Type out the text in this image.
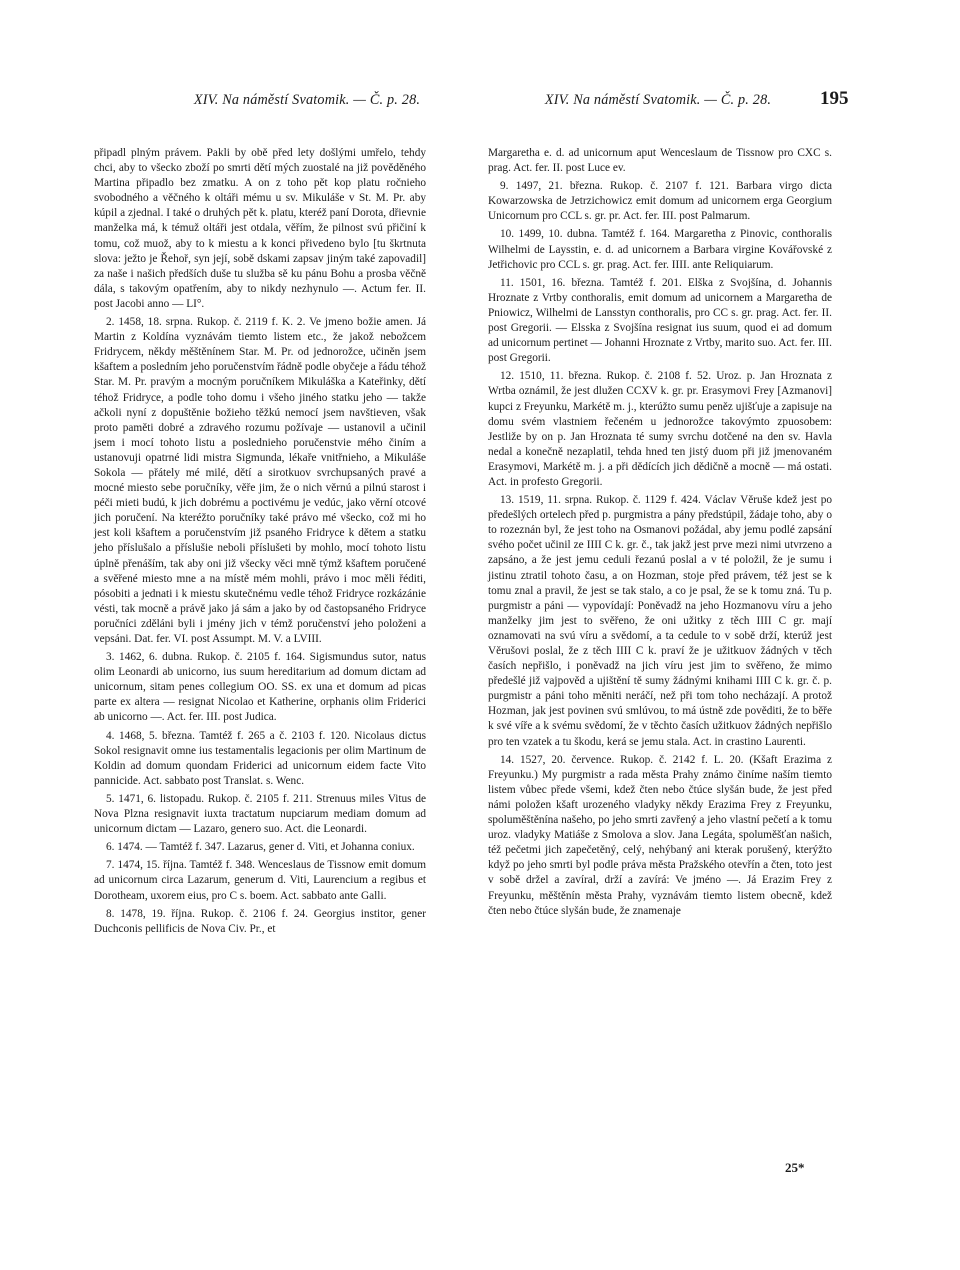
XIV. Na náměstí Svatomik. — Č. p. 28.	XIV. Na náměstí Svatomik. — Č. p. 28.	195

připadl plným právem. Pakli by obě před lety došlými umřelo, tehdy chci, aby to všecko zboží po smrti dětí mých zuostalé na již pověděného Martina připadlo bez zmatku. A on z toho pět kop platu ročnieho svobodného a věčného k oltáři mému u sv. Mikuláše v St. M. Pr. aby kúpil a zjednal. I také o druhých pět k. platu, kteréž paní Dorota, dřievnie manželka má, k témuž oltáři jest otdala, věřím, že pilnost svú přičiní k tomu, což muož, aby to k miestu a k konci přivedeno bylo [tu škrtnuta slova: ježto je Řehoř, syn její, sobě dskami zapsav jiným také zapovadil] za naše i našich předších duše tu služba sě ku pánu Bohu a prosba věčně dála, s takovým opatřením, aby to nikdy nezhynulo —. Actum fer. II. post Jacobi anno — LI°.

2. 1458, 18. srpna. Rukop. č. 2119 f. K. 2. Ve jmeno božie amen. Já Martin z Koldína vyznávám tiemto listem etc., že jakož nebožcem Fridrycem, někdy měštěnínem Star. M. Pr. od jednorožce, učiněn jsem kšaftem a posledním jeho poručenstvím řádně podle obyčeje a řádu téhož Star. M. Pr. pravým a mocným poručníkem Mikuláška a Kateřinky, dětí téhož Fridryce, a podle toho domu i všeho jiného statku jeho — takže ačkoli nyní z dopuštěnie božieho těžkú nemocí jsem navštieven, však proto paměti dobré a zdravého rozumu požívaje — ustanovil a učinil jsem i mocí tohoto listu a poslednieho poručenstvie mého činím a ustanovuji opatrné lidi mistra Sigmunda, lékaře vnitřnieho, a Mikuláše Sokola — přátely mé milé, dětí a sirotkuov svrchupsaných pravé a mocné miesto sebe poručníky, věře jim, že o nich věrnú a pilnú starost i péči mieti budú, k jich dobrému a poctivému je vedúc, jako věrní otcové jich poručení. Na kteréžto poručníky také právo mé všecko, což mi ho jest koli kšaftem a poručenstvím již psaného Fridryce k dětem a statku jeho příslušalo a příslušie neboli příslušeti by mohlo, mocí tohoto listu úplně přenáším, tak aby oni již všecky věci mně týmž kšaftem poručené a svěřené miesto mne a na místě mém mohli, právo i moc měli řéditi, pósobiti a jednati i k miestu skutečnému vedle téhož Fridryce rozkázánie vésti, tak mocně a právě jako já sám a jako by od častopsaného Fridryce poručníci zděláni byli i jmény jich v témž poručenství jeho položeni a vepsáni. Dat. fer. VI. post Assumpt. M. V. a LVIII.

3. 1462, 6. dubna. Rukop. č. 2105 f. 164. Sigismundus sutor, natus olim Leonardi ab unicorno, ius suum hereditarium ad domum dictam ad unicornum, sitam penes collegium OO. SS. ex una et domum ad picas parte ex altera — resignat Nicolao et Katherine, orphanis olim Friderici ab unicorno —. Act. fer. III. post Judica.

4. 1468, 5. března. Tamtéž f. 265 a č. 2103 f. 120. Nicolaus dictus Sokol resignavit omne ius testamentalis legacionis per olim Martinum de Koldin ad domum quondam Friderici ad unicornum eidem facte Vito pannicide. Act. sabbato post Translat. s. Wenc.

5. 1471, 6. listopadu. Rukop. č. 2105 f. 211. Strenuus miles Vitus de Nova Plzna resignavit iuxta tractatum nupciarum mediam domum ad unicornum dictam — Lazaro, genero suo. Act. die Leonardi.

6. 1474. — Tamtéž f. 347. Lazarus, gener d. Viti, et Johanna coniux.

7. 1474, 15. října. Tamtéž f. 348. Wenceslaus de Tissnow emit domum ad unicornum circa Lazarum, generum d. Viti, Laurencium a regibus et Dorotheam, uxorem eius, pro C s. boem. Act. sabbato ante Galli.

8. 1478, 19. října. Rukop. č. 2106 f. 24. Georgius institor, gener Duchconis pellificis de Nova Civ. Pr., et

Margaretha e. d. ad unicornum aput Wenceslaum de Tissnow pro CXC s. prag. Act. fer. II. post Luce ev.

9. 1497, 21. března. Rukop. č. 2107 f. 121. Barbara virgo dicta Kowarzowska de Jetrzichowicz emit domum ad unicornem erga Georgium Unicornum pro CCL s. gr. pr. Act. fer. III. post Palmarum.

10. 1499, 10. dubna. Tamtéž f. 164. Margaretha z Pinovic, conthoralis Wilhelmi de Laysstin, e. d. ad unicornem a Barbara virgine Kovářovské z Jetřichovic pro CCL s. gr. prag. Act. fer. IIII. ante Reliquiarum.

11. 1501, 16. března. Tamtéž f. 201. Elška z Svojšína, d. Johannis Hroznate z Vrtby conthoralis, emit domum ad unicornem a Margaretha de Pniowicz, Wilhelmi de Lansstyn conthoralis, pro CC s. gr. prag. Act. fer. II. post Gregorii. — Elsska z Svojšína resignat ius suum, quod ei ad domum ad unicornum pertinet — Johanni Hroznate z Vrtby, marito suo. Act. fer. III. post Gregorii.

12. 1510, 11. března. Rukop. č. 2108 f. 52. Uroz. p. Jan Hroznata z Wrtba oznámil, že jest dlužen CCXV k. gr. pr. Erasymovi Frey [Azmanovi] kupci z Freyunku, Markétě m. j., kterúžto sumu peněz ujišťuje a zapisuje na domu svém vlastniem řečeném u jednorožce takovýmto zpuosobem: Jestliže by on p. Jan Hroznata té sumy svrchu dotčené na den sv. Havla nedal a konečně nezaplatil, tehda hned ten jistý duom při již jmenovaném Erasymovi, Markétě m. j. a při dědících jich dědičně a mocně — má ostati. Act. in profesto Gregorii.

13. 1519, 11. srpna. Rukop. č. 1129 f. 424. Václav Věruše kdež jest po předešlých ortelech před p. purgmistra a pány předstúpil, žádaje toho, aby o to rozeznán byl, že jest toho na Osmanovi požádal, aby jemu podlé zapsání svého počet učinil ze IIII C k. gr. č., tak jakž jest prve mezi nimi utvrzeno a zapsáno, a že jest jemu ceduli řezanú poslal a v té položil, že je sumu i jistinu ztratil tohoto času, a on Hozman, stoje před právem, též jest se k tomu znal a pravil, že jest se tak stalo, a co je psal, že se k tomu zná. Tu p. purgmistr a páni — vypovídají: Poněvadž na jeho Hozmanovu víru a jeho manželky jim jest to svěřeno, že oni užitky z těch IIII C gr. mají oznamovati na svú víru a svědomí, a ta cedule to v sobě drží, kterúž jest Věrušovi poslal, že z těch IIII C k. praví že je užitkuov žádných v těch časích nepřišlo, i poněvadž na jich víru jest jim to svěřeno, že mimo předešlé již vajpověd a ujištění tě sumy žádnými knihami IIII C k. gr. č. p. purgmistr a páni toho měniti neráčí, než při tom toho necházají. A protož Hozman, jak jest povinen svú smlúvou, to má ústně zde pověditi, že to běře k své víře a k svému svědomí, že v těchto časích užitkuov žádných nepřišlo pro ten vzatek a tu škodu, kerá se jemu stala. Act. in crastino Laurenti.

14. 1527, 20. července. Rukop. č. 2142 f. L. 20. (Kšaft Erazima z Freyunku.) My purgmistr a rada města Prahy známo činíme naším tiemto listem vůbec přede všemi, kdež čten nebo čtúce slyšán bude, že jest před námi položen kšaft urozeného vladyky někdy Erazima Frey z Freyunku, spoluměštěnína našeho, po jeho smrti zavřený a jeho vlastní pečetí a k tomu uroz. vladyky Matiáše z Smolova a slov. Jana Legáta, spoluměšťan našich, též pečetmi jich zapečetěný, celý, nehýbaný ani kterak porušený, kterýžto když po jeho smrti byl podle práva města Pražského otevřín a čten, toto jest v sobě držel a zavíral, drží a zavírá: Ve jméno —. Já Erazim Frey z Freyunku, měštěnín města Prahy, vyznávám tiemto listem obecně, kdež čten nebo čtúce slyšán bude, že znamenaje

25*
